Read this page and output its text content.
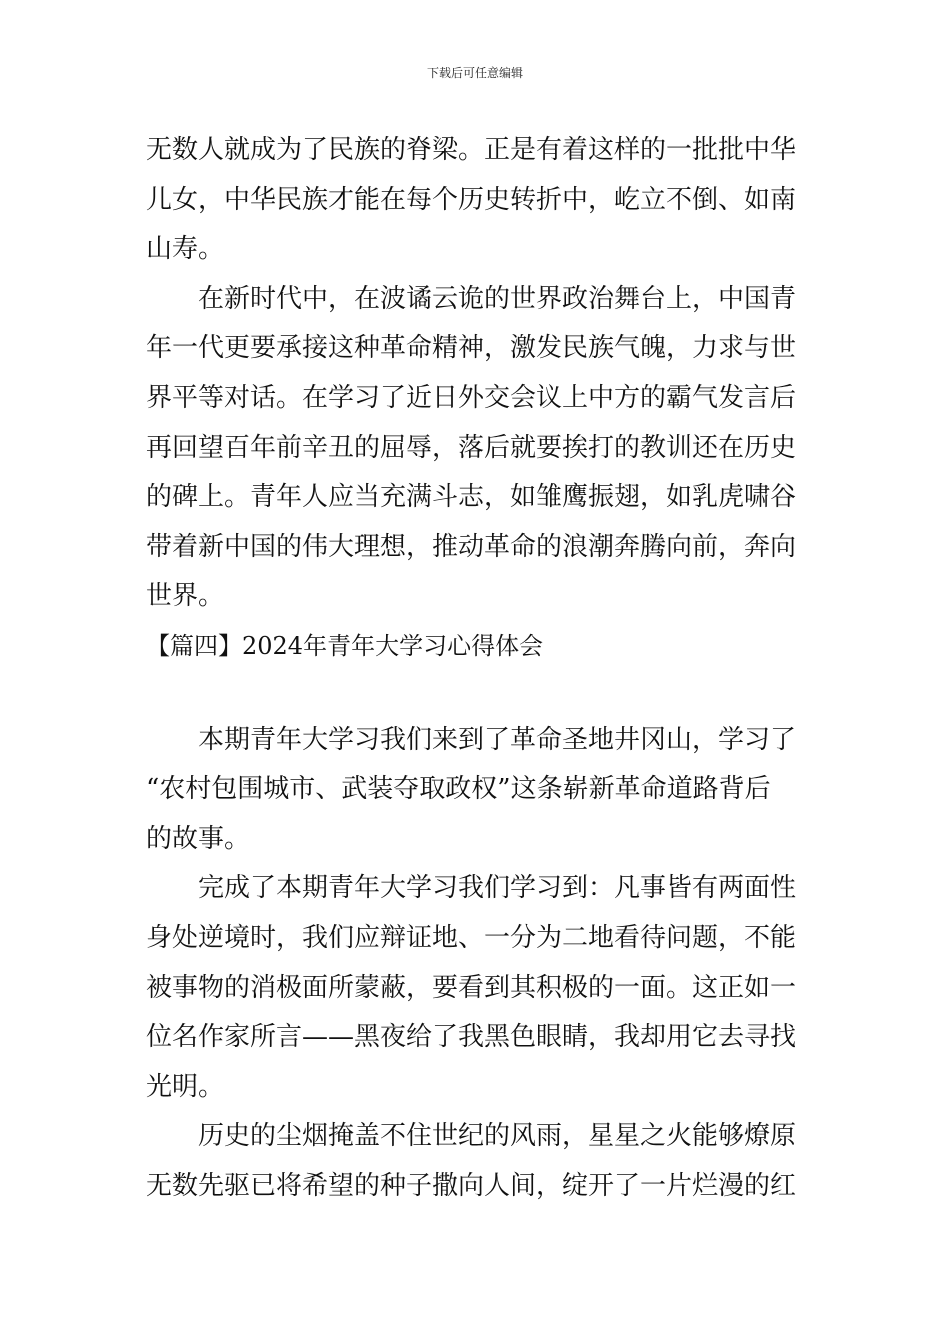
下载后可任意编辑
无数人就成为了民族的脊梁。正是有着这样的一批批中华
儿女，中华民族才能在每个历史转折中，屹立不倒、如南
山寿。
在新时代中，在波谲云诡的世界政治舞台上，中国青
年一代更要承接这种革命精神，激发民族气魄，力求与世
界平等对话。在学习了近日外交会议上中方的霸气发言后
再回望百年前辛丑的屈辱，落后就要挨打的教训还在历史
的碑上。青年人应当充满斗志，如雏鹰振翅，如乳虎啸谷
带着新中国的伟大理想，推动革命的浪潮奔腾向前，奔向
世界。
【篇四】2024年青年大学习心得体会
本期青年大学习我们来到了革命圣地井冈山，学习了
“农村包围城市、武装夺取政权”这条崭新革命道路背后
的故事。
完成了本期青年大学习我们学习到：凡事皆有两面性
身处逆境时，我们应辩证地、一分为二地看待问题，不能
被事物的消极面所蒙蔽，要看到其积极的一面。这正如一
位名作家所言——黑夜给了我黑色眼睛，我却用它去寻找
光明。
历史的尘烟掩盖不住世纪的风雨，星星之火能够燎原
无数先驱已将希望的种子撒向人间，绽开了一片烂漫的红
